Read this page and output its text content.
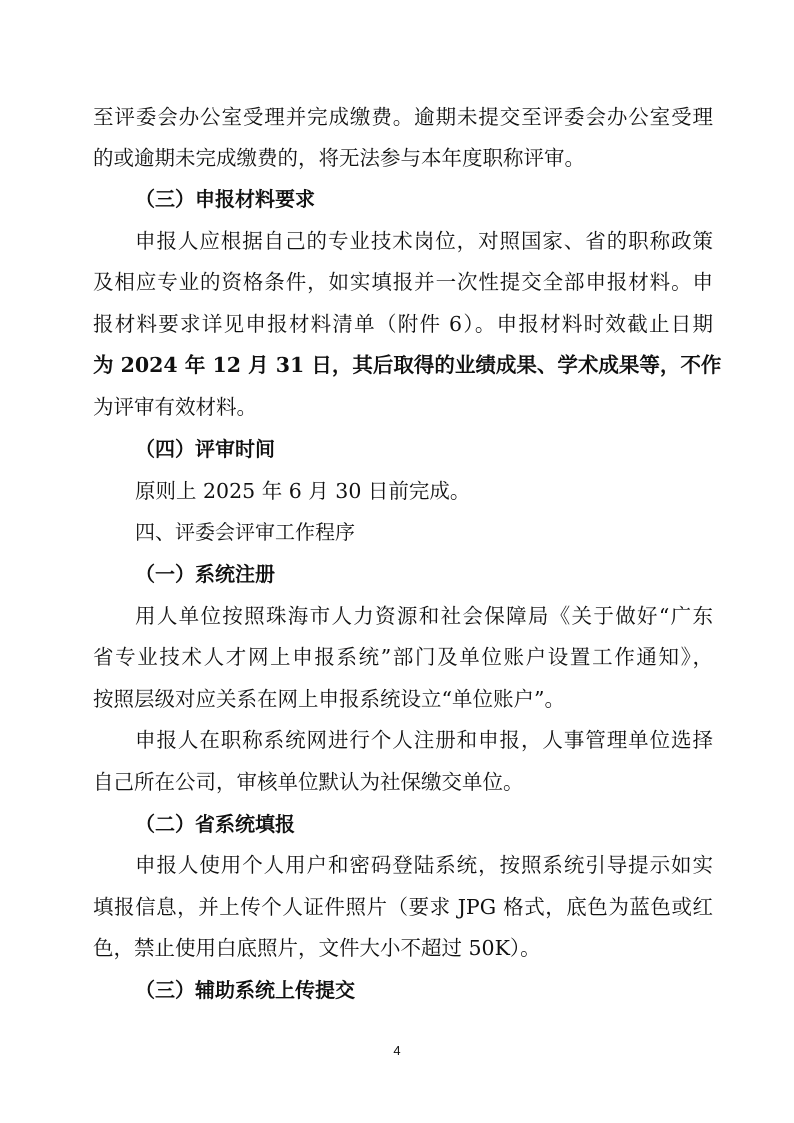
至评委会办公室受理并完成缴费。逾期未提交至评委会办公室受理
的或逾期未完成缴费的，将无法参与本年度职称评审。
（三）申报材料要求
申报人应根据自己的专业技术岗位，对照国家、省的职称政策
及相应专业的资格条件，如实填报并一次性提交全部申报材料。申
报材料要求详见申报材料清单（附件 6）。申报材料时效截止日期
为 2024 年 12 月 31 日，其后取得的业绩成果、学术成果等，不作
为评审有效材料。
（四）评审时间
原则上 2025 年 6 月 30 日前完成。
四、评委会评审工作程序
（一）系统注册
用人单位按照珠海市人力资源和社会保障局《关于做好“广东
省专业技术人才网上申报系统”部门及单位账户设置工作通知》，
按照层级对应关系在网上申报系统设立“单位账户”。
申报人在职称系统网进行个人注册和申报，人事管理单位选择
自己所在公司，审核单位默认为社保缴交单位。
（二）省系统填报
申报人使用个人用户和密码登陆系统，按照系统引导提示如实
填报信息，并上传个人证件照片（要求 JPG 格式，底色为蓝色或红
色，禁止使用白底照片，文件大小不超过 50K）。
（三）辅助系统上传提交
4
